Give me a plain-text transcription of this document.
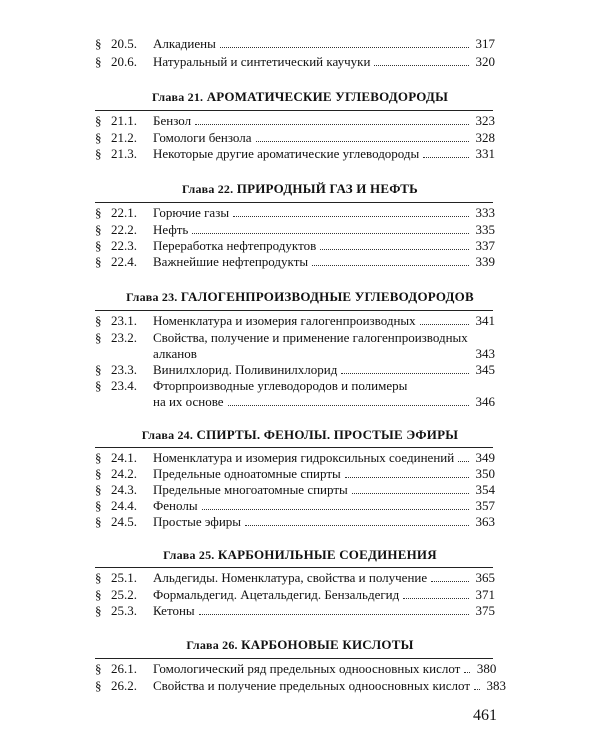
§ 20.5.	Алкадиены	317
§ 20.6.	Натуральный и синтетический каучуки	320
Глава 21. АРОМАТИЧЕСКИЕ УГЛЕВОДОРОДЫ
§ 21.1.	Бензол	323
§ 21.2.	Гомологи бензола	328
§ 21.3.	Некоторые другие ароматические углеводороды	331
Глава 22. ПРИРОДНЫЙ ГАЗ И НЕФТЬ
§ 22.1.	Горючие газы	333
§ 22.2.	Нефть	335
§ 22.3.	Переработка нефтепродуктов	337
§ 22.4.	Важнейшие нефтепродукты	339
Глава 23. ГАЛОГЕНПРОИЗВОДНЫЕ УГЛЕВОДОРОДОВ
§ 23.1.	Номенклатура и изомерия галогенпроизводных	341
§ 23.2.	Свойства, получение и применение галогенпроизводных
алканов	343
§ 23.3.	Винилхлорид. Поливинилхлорид	345
§ 23.4.	Фторпроизводные углеводородов и полимеры
на их основе	346
Глава 24. СПИРТЫ. ФЕНОЛЫ. ПРОСТЫЕ ЭФИРЫ
§ 24.1.	Номенклатура и изомерия гидроксильных соединений 349
§ 24.2.	Предельные одноатомные спирты	350
§ 24.3.	Предельные многоатомные спирты	354
§ 24.4.	Фенолы	357
§ 24.5.	Простые эфиры	363
Глава 25. КАРБОНИЛЬНЫЕ СОЕДИНЕНИЯ
§ 25.1.	Альдегиды. Номенклатура, свойства и получение	365
§ 25.2.	Формальдегид. Ацетальдегид. Бензальдегид	371
§ 25.3.	Кетоны	375
Глава 26. КАРБОНОВЫЕ КИСЛОТЫ
§ 26.1.	Гомологический ряд предельных одноосновных кислот 380
§ 26.2.	Свойства и получение предельных одноосновных кислот 383
461
